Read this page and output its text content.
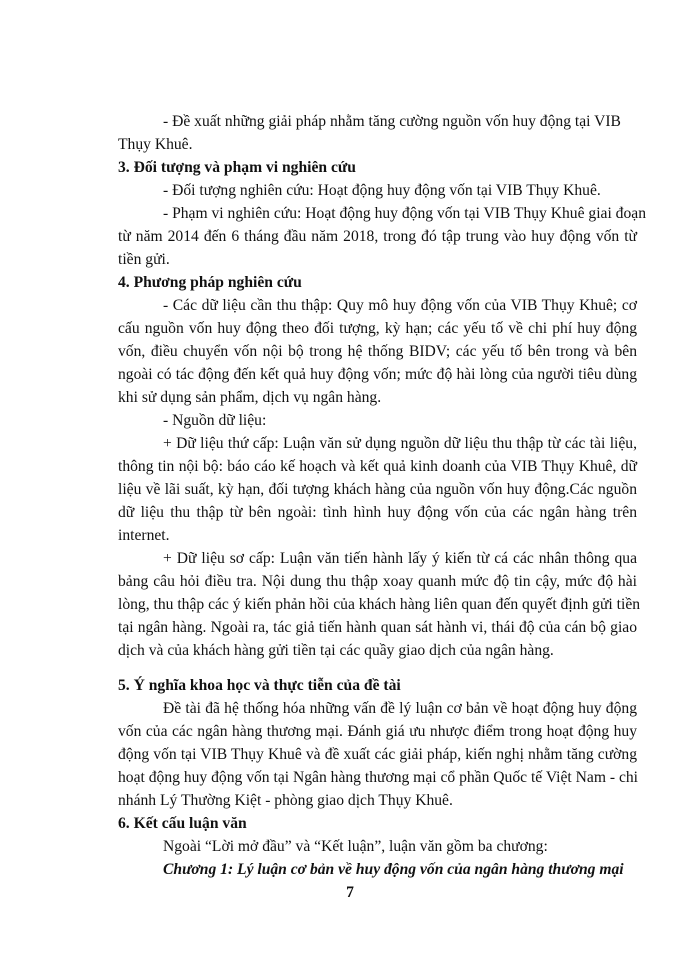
- Đề xuất những giải pháp nhằm tăng cường nguồn vốn huy động tại VIB
Thụy Khuê.
3. Đối tượng và phạm vi nghiên cứu
- Đối tượng nghiên cứu: Hoạt động huy động vốn tại VIB Thụy Khuê.
- Phạm vi nghiên cứu: Hoạt động huy động vốn tại VIB Thụy Khuê giai đoạn
từ năm 2014 đến 6 tháng đầu năm 2018, trong đó tập trung vào huy động vốn từ
tiền gửi.
4. Phương pháp nghiên cứu
- Các dữ liệu cần thu thập: Quy mô huy động vốn của VIB Thụy Khuê; cơ
cấu nguồn vốn huy động theo đối tượng, kỳ hạn; các yếu tố về chi phí huy động
vốn, điều chuyển vốn nội bộ trong hệ thống BIDV; các yếu tố bên trong và bên
ngoài có tác động đến kết quả huy động vốn; mức độ hài lòng của người tiêu dùng
khi sử dụng sản phẩm, dịch vụ ngân hàng.
- Nguồn dữ liệu:
+ Dữ liệu thứ cấp: Luận văn sử dụng nguồn dữ liệu thu thập từ các tài liệu,
thông tin nội bộ: báo cáo kế hoạch và kết quả kinh doanh của VIB Thụy Khuê, dữ
liệu về lãi suất, kỳ hạn, đối tượng khách hàng của nguồn vốn huy động.Các nguồn
dữ liệu thu thập từ bên ngoài: tình hình huy động vốn của các ngân hàng trên
internet.
+ Dữ liệu sơ cấp: Luận văn tiến hành lấy ý kiến từ cá các nhân thông qua
bảng câu hỏi điều tra. Nội dung thu thập xoay quanh mức độ tin cậy, mức độ hài
lòng, thu thập các ý kiến phản hồi của khách hàng liên quan đến quyết định gửi tiền
tại ngân hàng. Ngoài ra, tác giả tiến hành quan sát hành vi, thái độ của cán bộ giao
dịch và của khách hàng gửi tiền tại các quầy giao dịch của ngân hàng.
5. Ý nghĩa khoa học và thực tiễn của đề tài
Đề tài đã hệ thống hóa những vấn đề lý luận cơ bản về hoạt động huy động
vốn của các ngân hàng thương mại. Đánh giá ưu nhược điểm trong hoạt động huy
động vốn tại VIB Thụy Khuê và đề xuất các giải pháp, kiến nghị nhằm tăng cường
hoạt động huy động vốn tại Ngân hàng thương mại cổ phần Quốc tế Việt Nam - chi
nhánh Lý Thường Kiệt - phòng giao dịch Thụy Khuê.
6. Kết cấu luận văn
Ngoài “Lời mở đầu” và “Kết luận”, luận văn gồm ba chương:
Chương 1: Lý luận cơ bản về huy động vốn của ngân hàng thương mại
7
